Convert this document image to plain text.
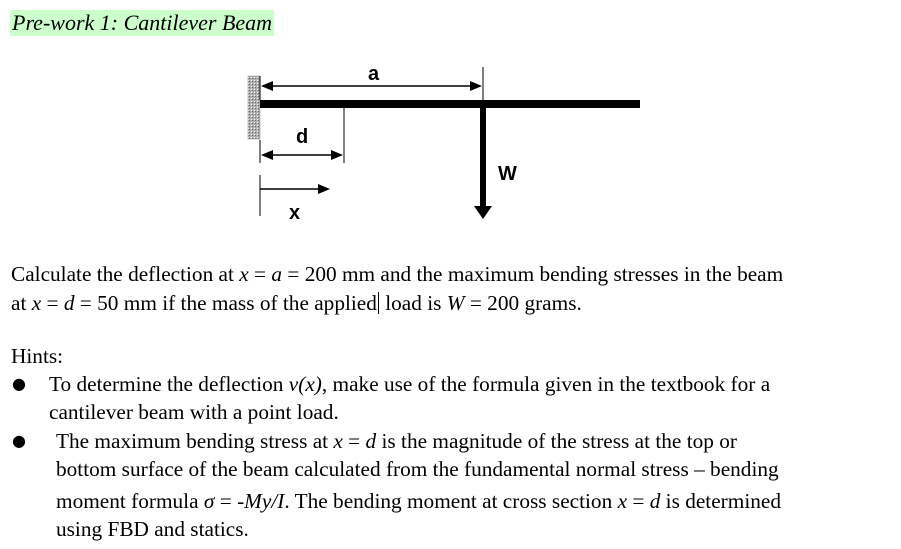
Pre-work 1: Cantilever Beam
a
d
x
W
Calculate the deflection at x = a = 200 mm and the maximum bending stresses in the beam
at x = d = 50 mm if the mass of the applied load is W = 200 grams.
Hints:
● To determine the deflection v(x), make use of the formula given in the textbook for a
cantilever beam with a point load.
● The maximum bending stress at x = d is the magnitude of the stress at the top or
bottom surface of the beam calculated from the fundamental normal stress – bending
moment formula σ = -My/I. The bending moment at cross section x = d is determined
using FBD and statics.
